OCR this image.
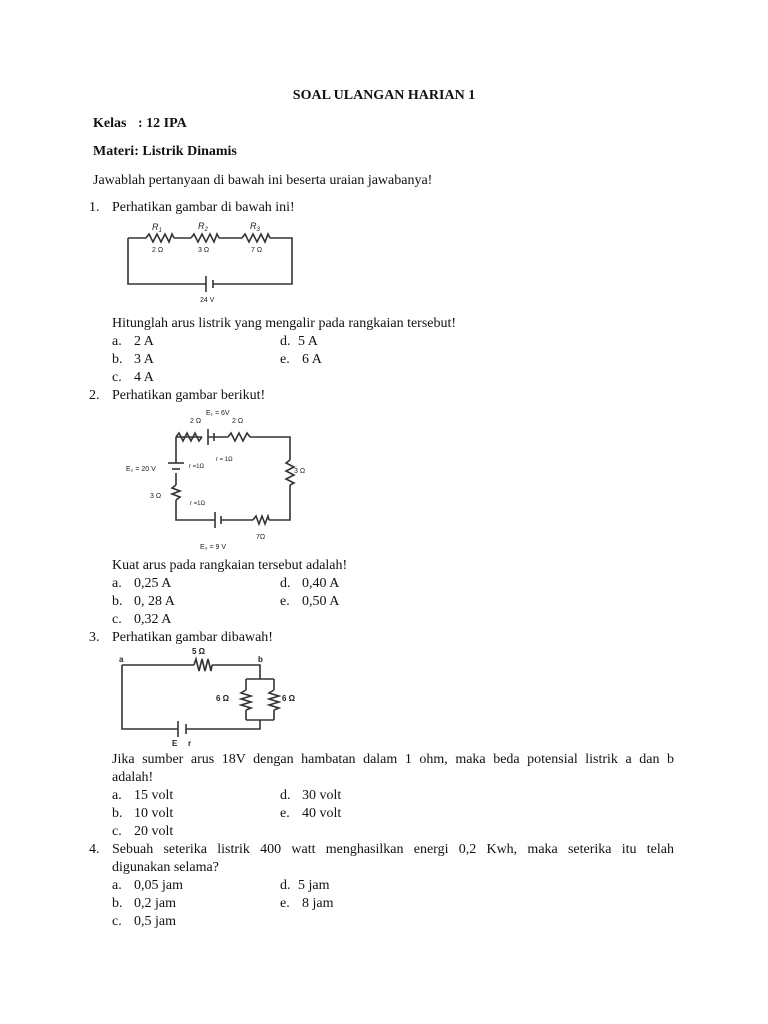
SOAL ULANGAN HARIAN 1
Kelas : 12 IPA
Materi: Listrik Dinamis
Jawablah pertanyaan di bawah ini beserta uraian jawabanya!
1. Perhatikan gambar di bawah ini!
$R_1$	$R_2$	$R_3$
2 Ω	3 Ω	7 Ω
24 V
Hitunglah arus listrik yang mengalir pada rangkaian tersebut!
a. 2 A	d. 5 A
b. 3 A	e. 6 A
c. 4 A
2. Perhatikan gambar berikut!
E₁ = 6V
2 Ω	2 Ω
r = 1Ω
E₂ = 20 V	r =1Ω
3 Ω
3 Ω
r =1Ω
7Ω
E₃ = 9 V
Kuat arus pada rangkaian tersebut adalah!
a. 0,25 A	d. 0,40 A
b. 0, 28 A	e. 0,50 A
c. 0,32 A
3. Perhatikan gambar dibawah!
a	b
5 Ω
6 Ω	6 Ω
E r
Jika sumber arus 18V dengan hambatan dalam 1 ohm, maka beda potensial listrik a dan b
adalah!
a. 15 volt	d. 30 volt
b. 10 volt	e. 40 volt
c. 20 volt
4. Sebuah seterika listrik 400 watt menghasilkan energi 0,2 Kwh, maka seterika itu telah
digunakan selama?
a. 0,05 jam	d. 5 jam
b. 0,2 jam	e. 8 jam
c. 0,5 jam
